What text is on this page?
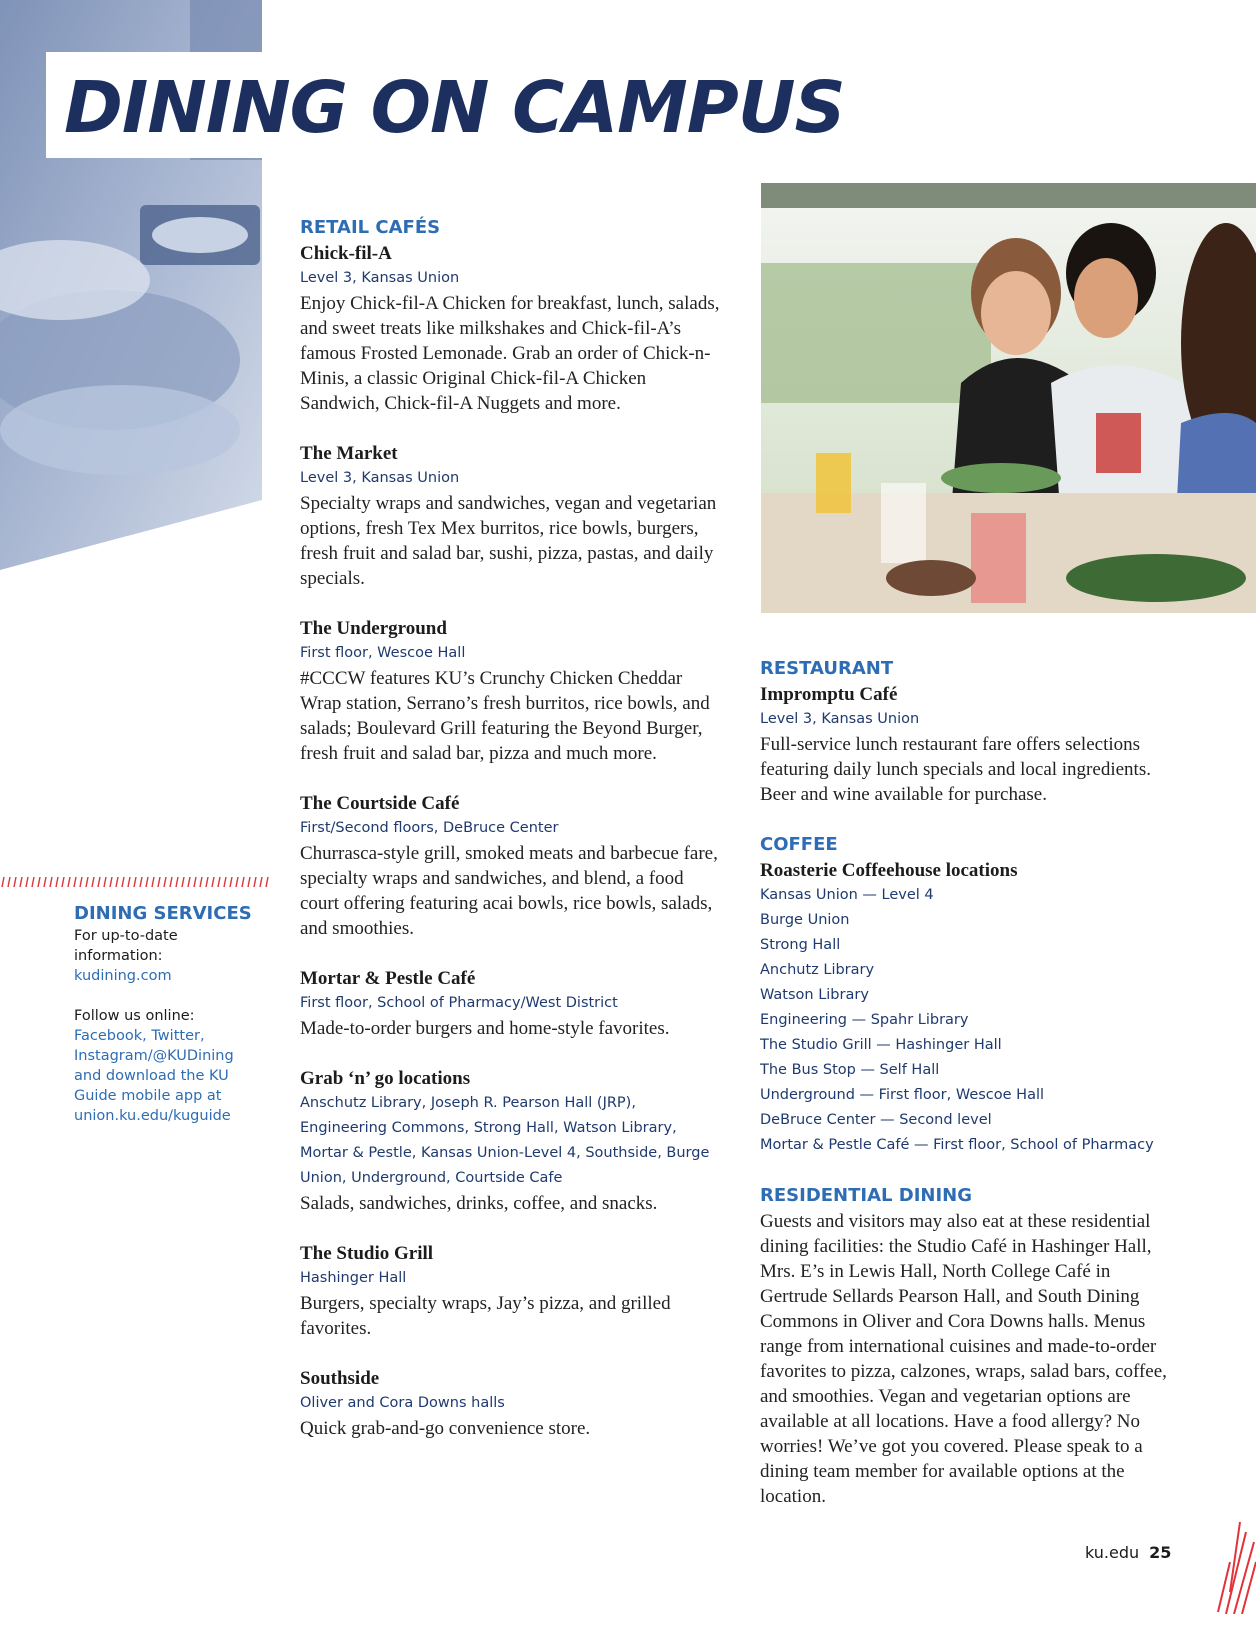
DINING ON CAMPUS

RETAIL CAFÉS

Chick-fil-A

Level 3, Kansas Union

Enjoy Chick-fil-A Chicken for breakfast, lunch, salads, and sweet treats like milkshakes and Chick-fil-A’s famous Frosted Lemonade. Grab an order of Chick-n-Minis, a classic Original Chick-fil-A Chicken Sandwich, Chick-fil-A Nuggets and more.

The Market

Level 3, Kansas Union

Specialty wraps and sandwiches, vegan and vegetarian options, fresh Tex Mex burritos, rice bowls, burgers, fresh fruit and salad bar, sushi, pizza, pastas, and daily specials.

The Underground

First floor, Wescoe Hall

#CCCW features KU’s Crunchy Chicken Cheddar Wrap station, Serrano’s fresh burritos, rice bowls, and salads; Boulevard Grill featuring the Beyond Burger, fresh fruit and salad bar, pizza and much more.

The Courtside Café

First/Second floors, DeBruce Center

Churrasca-style grill, smoked meats and barbecue fare, specialty wraps and sandwiches, and blend, a food court offering featuring acai bowls, rice bowls, salads, and smoothies.

Mortar & Pestle Café

First floor, School of Pharmacy/West District

Made-to-order burgers and home-style favorites.

Grab ‘n’ go locations

Anschutz Library, Joseph R. Pearson Hall (JRP), Engineering Commons, Strong Hall, Watson Library, Mortar & Pestle, Kansas Union-Level 4, Southside, Burge Union, Underground, Courtside Cafe

Salads, sandwiches, drinks, coffee, and snacks.

The Studio Grill

Hashinger Hall

Burgers, specialty wraps, Jay’s pizza, and grilled favorites.

Southside

Oliver and Cora Downs halls

Quick grab-and-go convenience store.

RESTAURANT

Impromptu Café

Level 3, Kansas Union

Full-service lunch restaurant fare offers selections featuring daily lunch specials and local ingredients. Beer and wine available for purchase.

COFFEE

Roasterie Coffeehouse locations

Kansas Union — Level 4
Burge Union
Strong Hall
Anchutz Library
Watson Library
Engineering — Spahr Library
The Studio Grill — Hashinger Hall
The Bus Stop — Self Hall
Underground — First floor, Wescoe Hall
DeBruce Center — Second level
Mortar & Pestle Café — First floor, School of Pharmacy

RESIDENTIAL DINING

Guests and visitors may also eat at these residential dining facilities: the Studio Café in Hashinger Hall, Mrs. E’s in Lewis Hall, North College Café in Gertrude Sellards Pearson Hall, and South Dining Commons in Oliver and Cora Downs halls. Menus range from international cuisines and made-to-order favorites to pizza, calzones, wraps, salad bars, coffee, and smoothies. Vegan and vegetarian options are available at all locations. Have a food allergy? No worries! We’ve got you covered. Please speak to a dining team member for available options at the location.

DINING SERVICES

For up-to-date information:

kudining.com

Follow us online:

Facebook, Twitter, Instagram/@KUDining and download the KU Guide mobile app at union.ku.edu/kuguide

ku.edu 25
